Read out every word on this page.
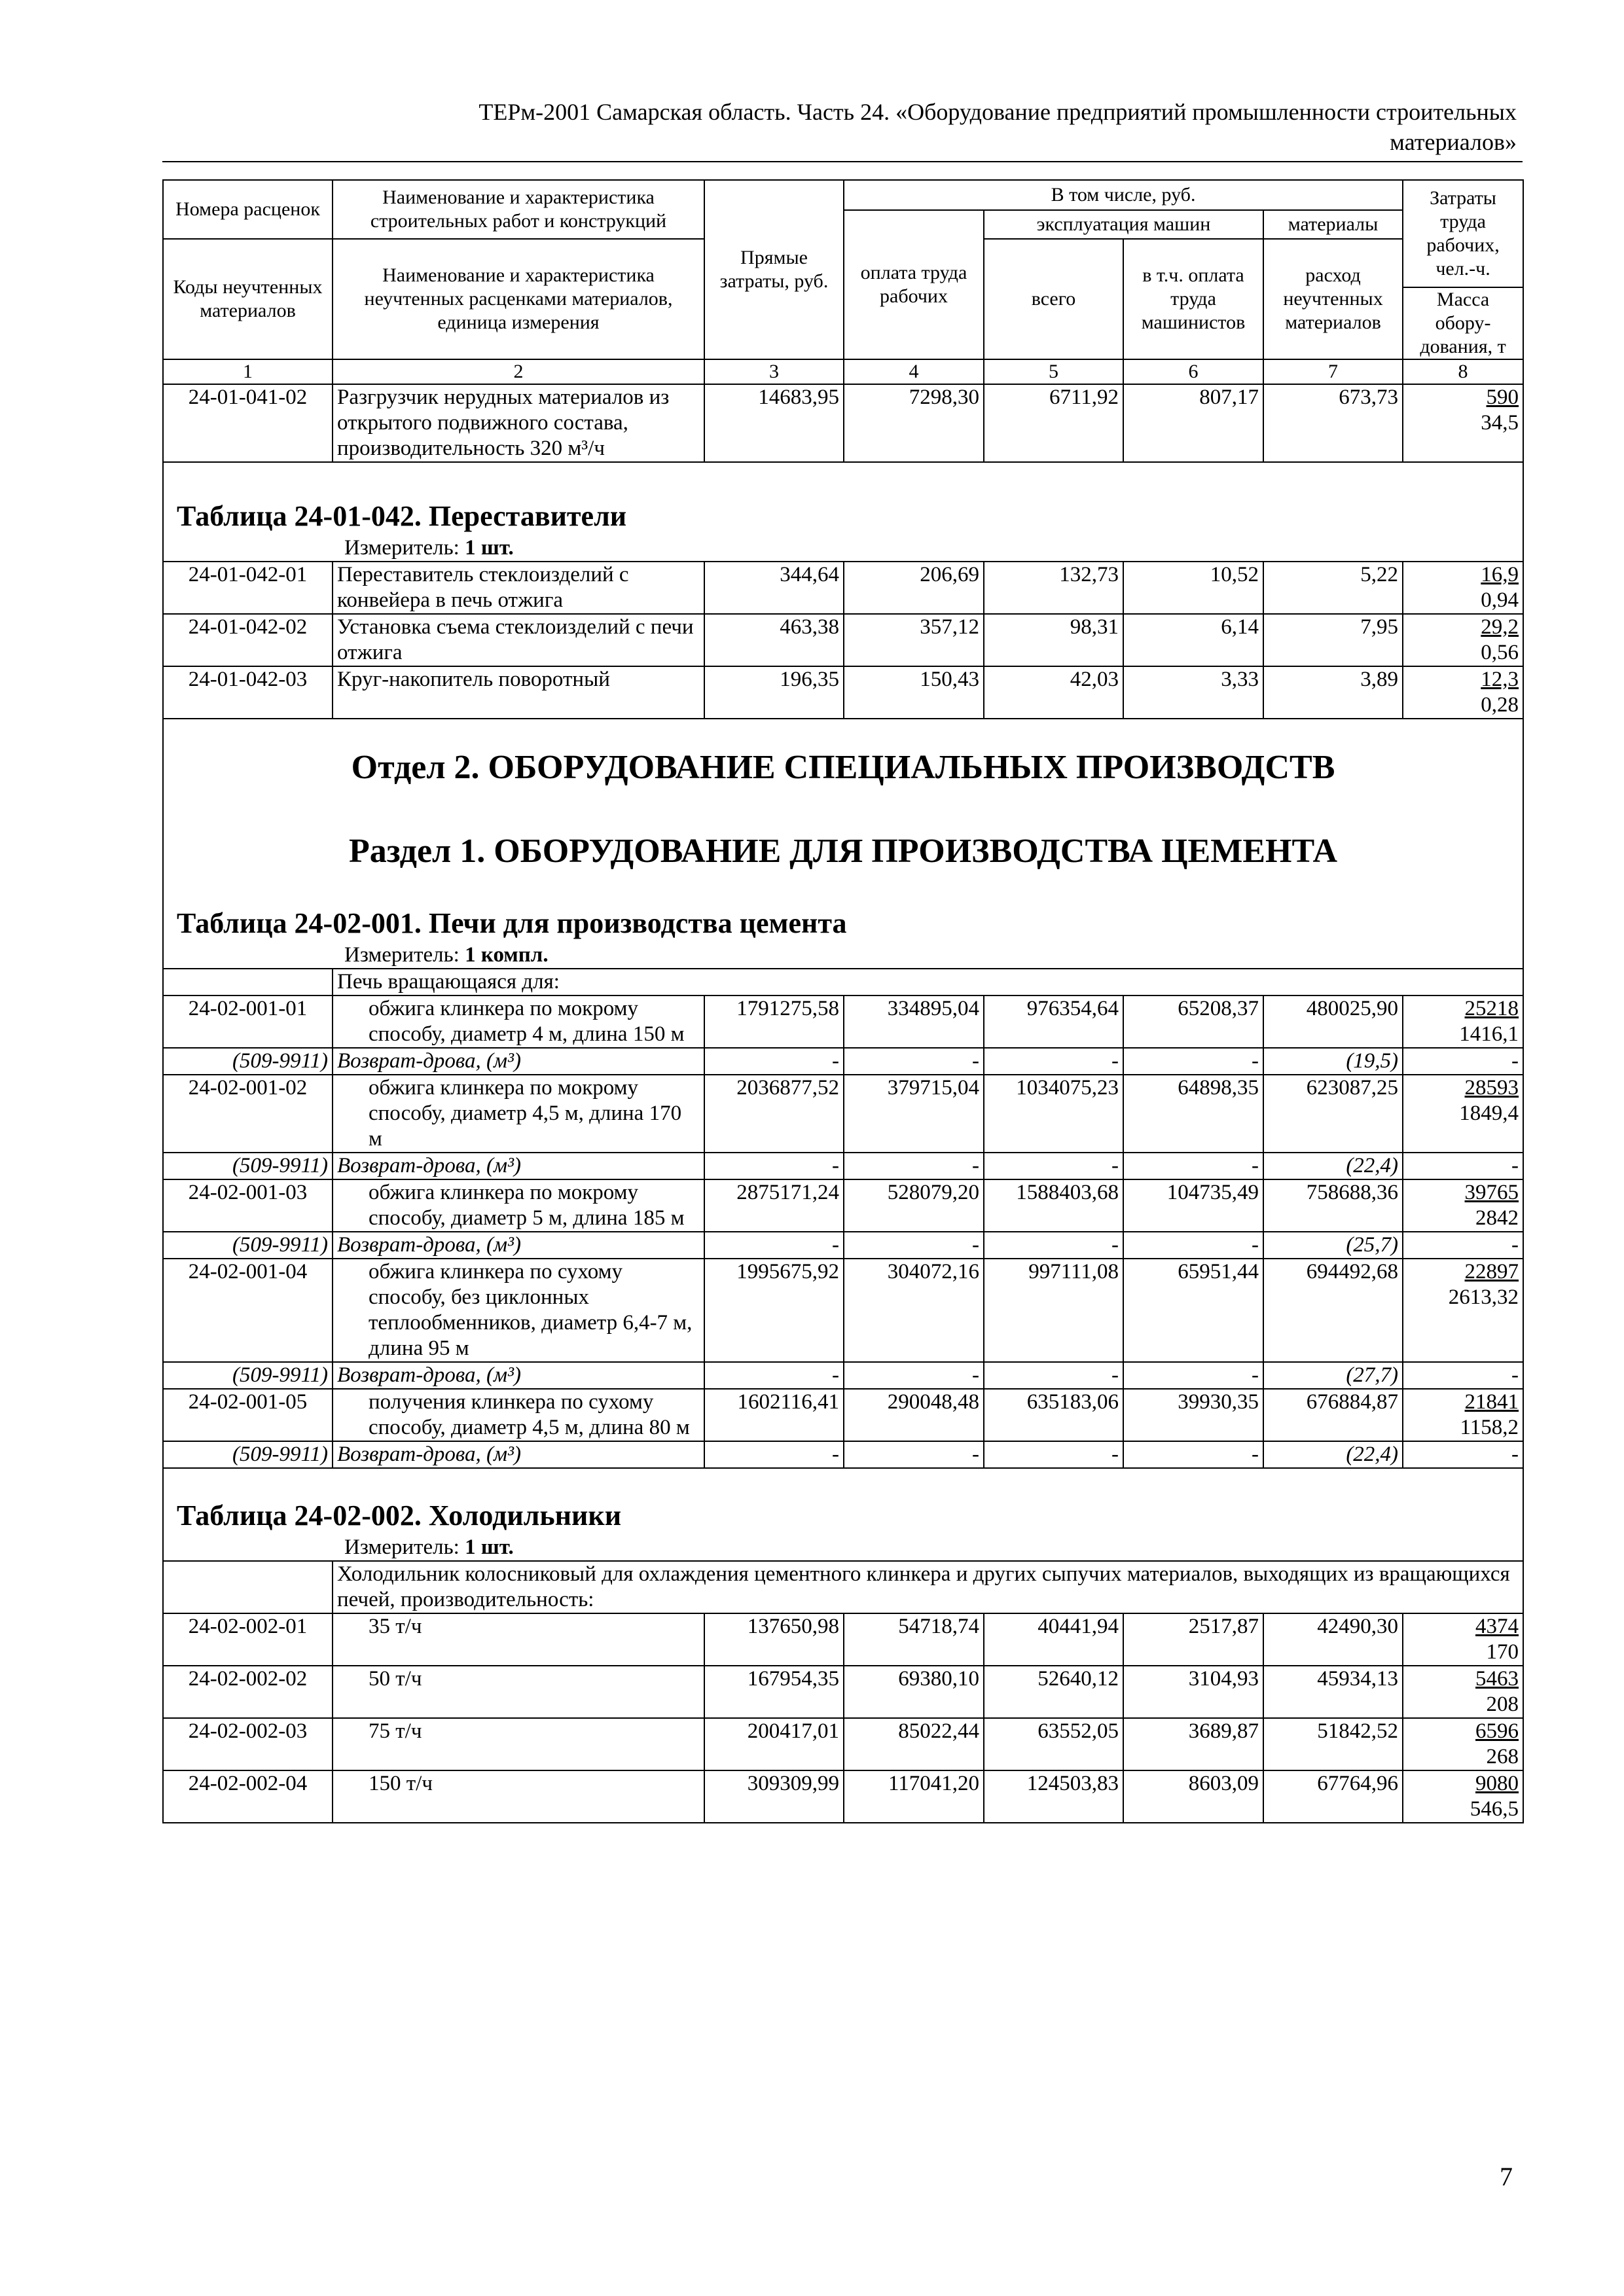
ТЕРм-2001 Самарская область. Часть 24. «Оборудование предприятий промышленности строительных
материалов»
Номера расценок	Наименование и характеристика строительных работ и конструкций	Прямые затраты, руб.	В том числе, руб.				Затраты труда рабочих, чел.-ч.
			оплата труда рабочих	эксплуатация машин		материалы	
Коды неучтенных материалов	Наименование и характеристика неучтенных расценками материалов, единица измерения			всего	в т.ч. оплата труда машинистов	расход неучтенных материалов	
							Масса обору-дования, т
1	2	3	4	5	6	7	8
24-01-041-02	Разгрузчик нерудных материалов из открытого подвижного состава, производительность 320 м³/ч	14683,95	7298,30	6711,92	807,17	673,73	590
34,5

Таблица 24-01-042. Переставители
Измеритель: 1 шт.							

24-01-042-01	Переставитель стеклоизделий с конвейера в печь отжига	344,64	206,69	132,73	10,52	5,22	16,9
0,94

24-01-042-02	Установка съема стеклоизделий с печи отжига	463,38	357,12	98,31	6,14	7,95	29,2
0,56

24-01-042-03	Круг-накопитель поворотный	196,35	150,43	42,03	3,33	3,89	12,3
0,28

Отдел 2. ОБОРУДОВАНИЕ СПЕЦИАЛЬНЫХ ПРОИЗВОДСТВ
Раздел 1. ОБОРУДОВАНИЕ ДЛЯ ПРОИЗВОДСТВА ЦЕМЕНТА
Таблица 24-02-001. Печи для производства цемента
Измеритель: 1 компл.							

	Печь вращающаяся для:						
24-02-001-01	обжига клинкера по мокрому способу, диаметр 4 м, длина 150 м	1791275,58	334895,04	976354,64	65208,37	480025,90	25218
1416,1

(509-9911)	Возврат-дрова, (м³)	-	-	-	-	(19,5)	-
24-02-001-02	обжига клинкера по мокрому способу, диаметр 4,5 м, длина 170 м	2036877,52	379715,04	1034075,23	64898,35	623087,25	28593
1849,4

(509-9911)	Возврат-дрова, (м³)	-	-	-	-	(22,4)	-
24-02-001-03	обжига клинкера по мокрому способу, диаметр 5 м, длина 185 м	2875171,24	528079,20	1588403,68	104735,49	758688,36	39765
2842

(509-9911)	Возврат-дрова, (м³)	-	-	-	-	(25,7)	-
24-02-001-04	обжига клинкера по сухому способу, без циклонных теплообменников, диаметр 6,4-7 м, длина 95 м	1995675,92	304072,16	997111,08	65951,44	694492,68	22897
2613,32

(509-9911)	Возврат-дрова, (м³)	-	-	-	-	(27,7)	-
24-02-001-05	получения клинкера по сухому способу, диаметр 4,5 м, длина 80 м	1602116,41	290048,48	635183,06	39930,35	676884,87	21841
1158,2

(509-9911)	Возврат-дрова, (м³)	-	-	-	-	(22,4)	-

Таблица 24-02-002. Холодильники
Измеритель: 1 шт.							

	Холодильник колосниковый для охлаждения цементного клинкера и других сыпучих материалов, выходящих из вращающихся печей, производительность:						
24-02-002-01	35 т/ч	137650,98	54718,74	40441,94	2517,87	42490,30	4374
170

24-02-002-02	50 т/ч	167954,35	69380,10	52640,12	3104,93	45934,13	5463
208

24-02-002-03	75 т/ч	200417,01	85022,44	63552,05	3689,87	51842,52	6596
268

24-02-002-04	150 т/ч	309309,99	117041,20	124503,83	8603,09	67764,96	9080
546,5
7
